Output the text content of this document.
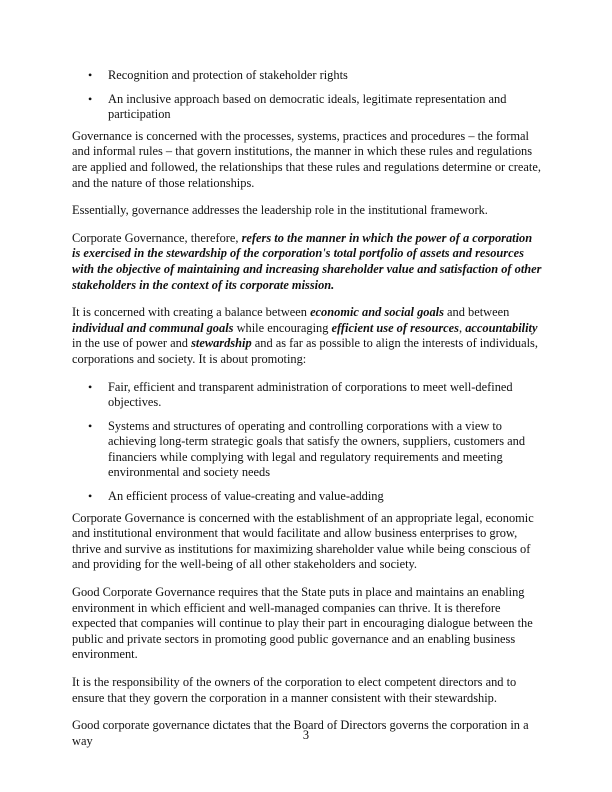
• Recognition and protection of stakeholder rights
• An inclusive approach based on democratic ideals, legitimate representation and participation

Governance is concerned with the processes, systems, practices and procedures – the formal and informal rules – that govern institutions, the manner in which these rules and regulations are applied and followed, the relationships that these rules and regulations determine or create, and the nature of those relationships.

Essentially, governance addresses the leadership role in the institutional framework.

Corporate Governance, therefore, refers to the manner in which the power of a corporation is exercised in the stewardship of the corporation's total portfolio of assets and resources with the objective of maintaining and increasing shareholder value and satisfaction of other stakeholders in the context of its corporate mission.

It is concerned with creating a balance between economic and social goals and between individual and communal goals while encouraging efficient use of resources, accountability in the use of power and stewardship and as far as possible to align the interests of individuals, corporations and society. It is about promoting:

• Fair, efficient and transparent administration of corporations to meet well-defined objectives.
• Systems and structures of operating and controlling corporations with a view to achieving long-term strategic goals that satisfy the owners, suppliers, customers and financiers while complying with legal and regulatory requirements and meeting environmental and society needs
• An efficient process of value-creating and value-adding

Corporate Governance is concerned with the establishment of an appropriate legal, economic and institutional environment that would facilitate and allow business enterprises to grow, thrive and survive as institutions for maximizing shareholder value while being conscious of and providing for the well-being of all other stakeholders and society.

Good Corporate Governance requires that the State puts in place and maintains an enabling environment in which efficient and well-managed companies can thrive. It is therefore expected that companies will continue to play their part in encouraging dialogue between the public and private sectors in promoting good public governance and an enabling business environment.

It is the responsibility of the owners of the corporation to elect competent directors and to ensure that they govern the corporation in a manner consistent with their stewardship.

Good corporate governance dictates that the Board of Directors governs the corporation in a way	3
